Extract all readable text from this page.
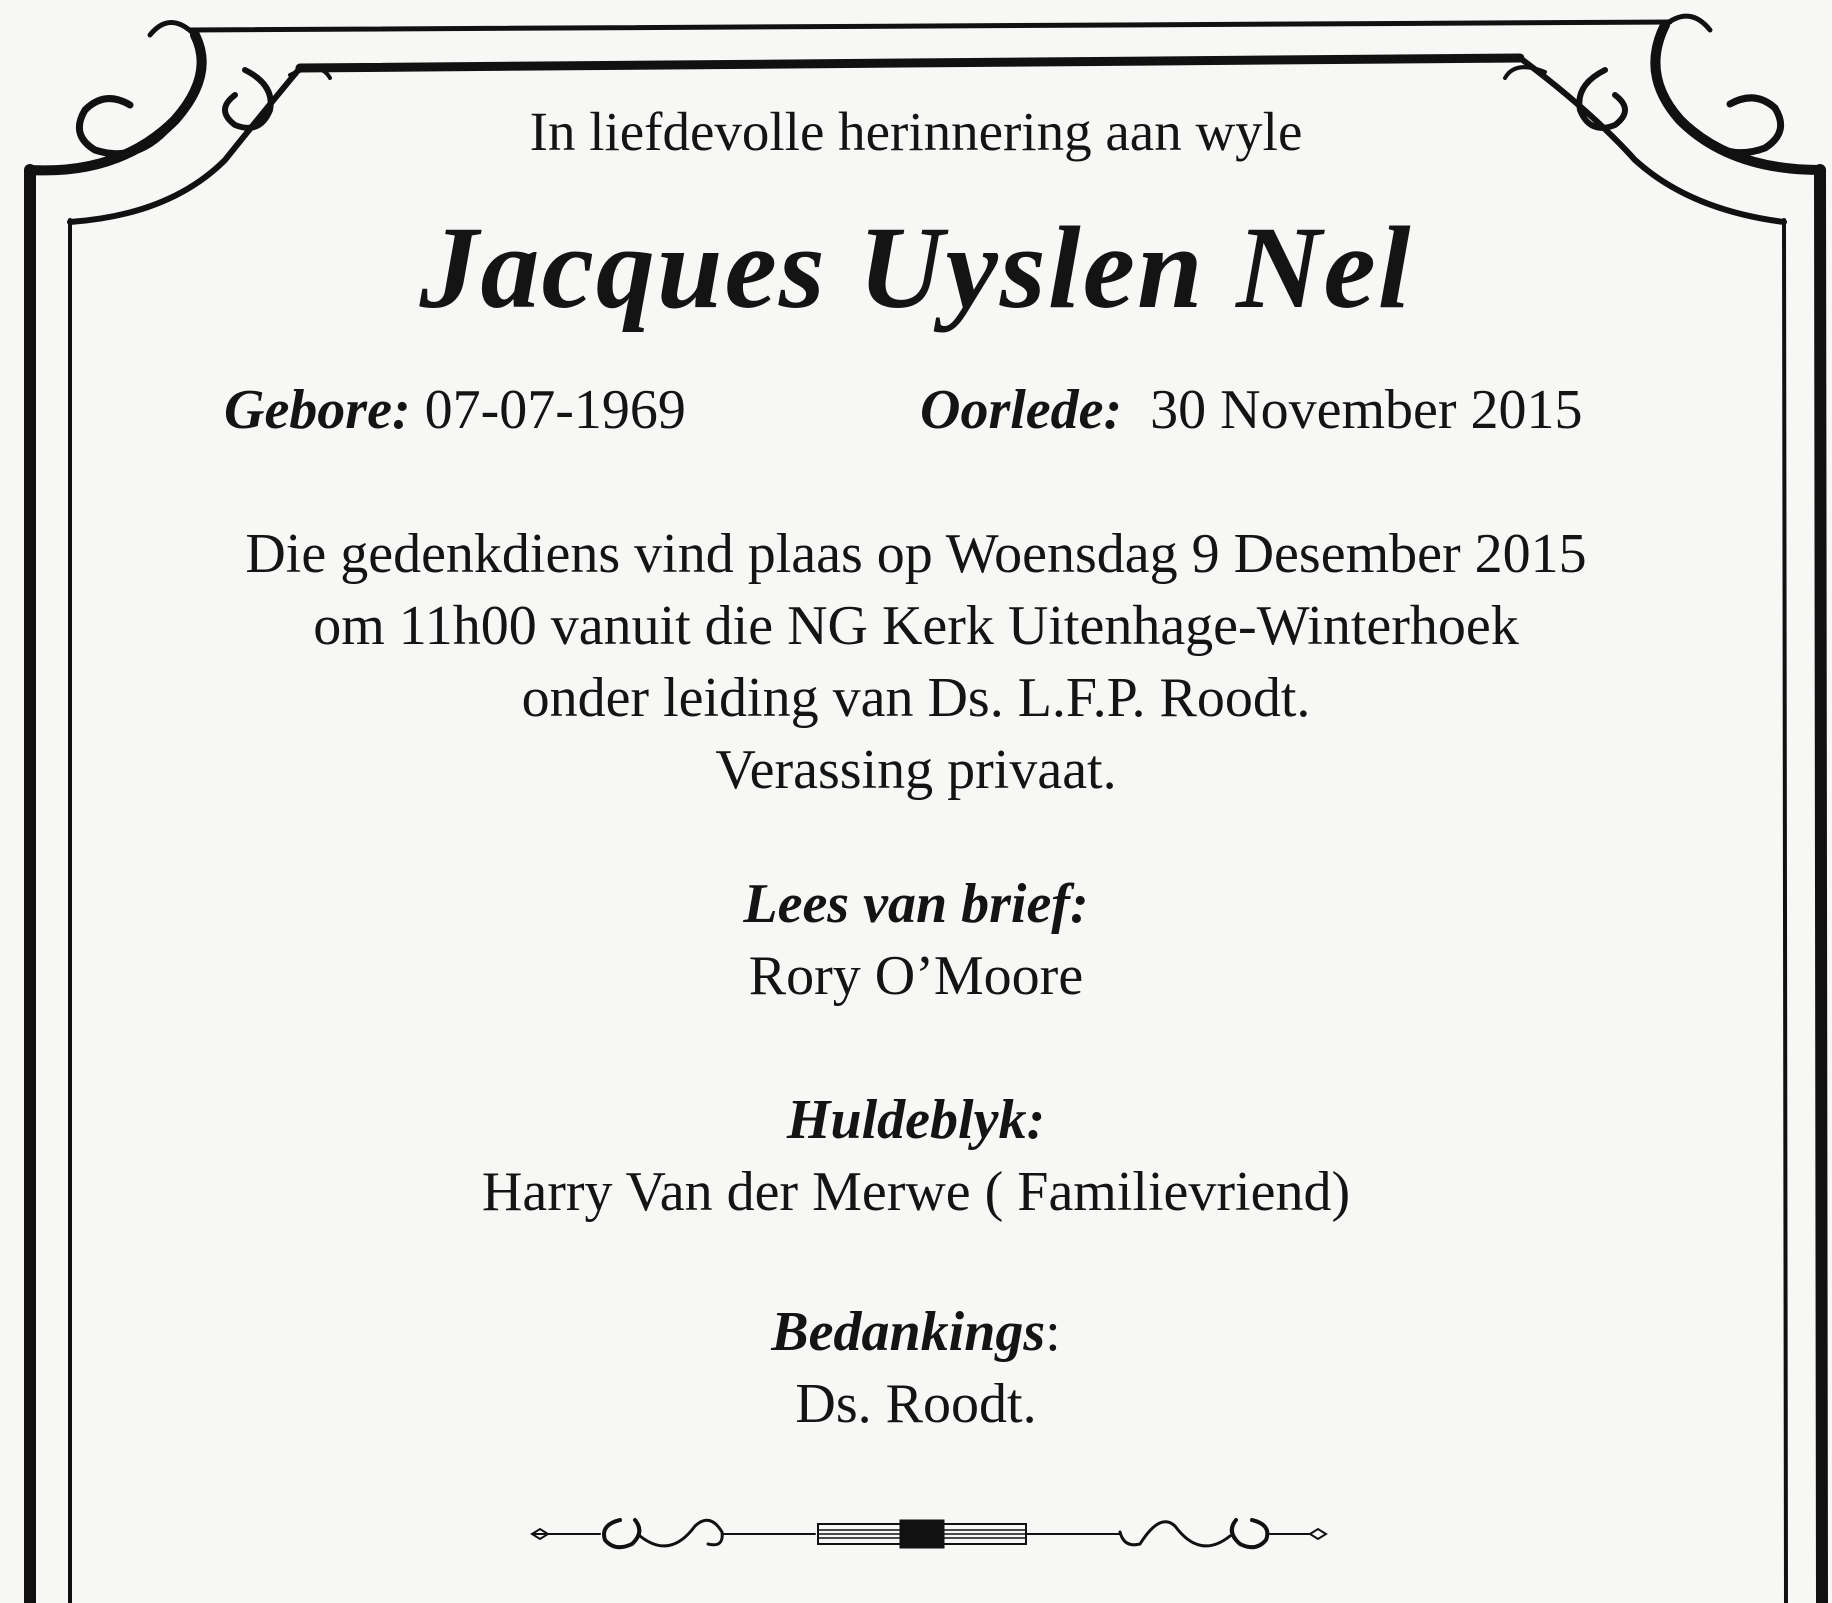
In liefdevolle herinnering aan wyle
Jacques Uyslen Nel
Gebore: 07-07-1969	Oorlede: 30 November 2015
Die gedenkdiens vind plaas op Woensdag 9 Desember 2015
om 11h00 vanuit die NG Kerk Uitenhage-Winterhoek
onder leiding van Ds. L.F.P. Roodt.
Verassing privaat.
Lees van brief:
Rory O’Moore
Huldeblyk:
Harry Van der Merwe ( Familievriend)
Bedankings:
Ds. Roodt.
